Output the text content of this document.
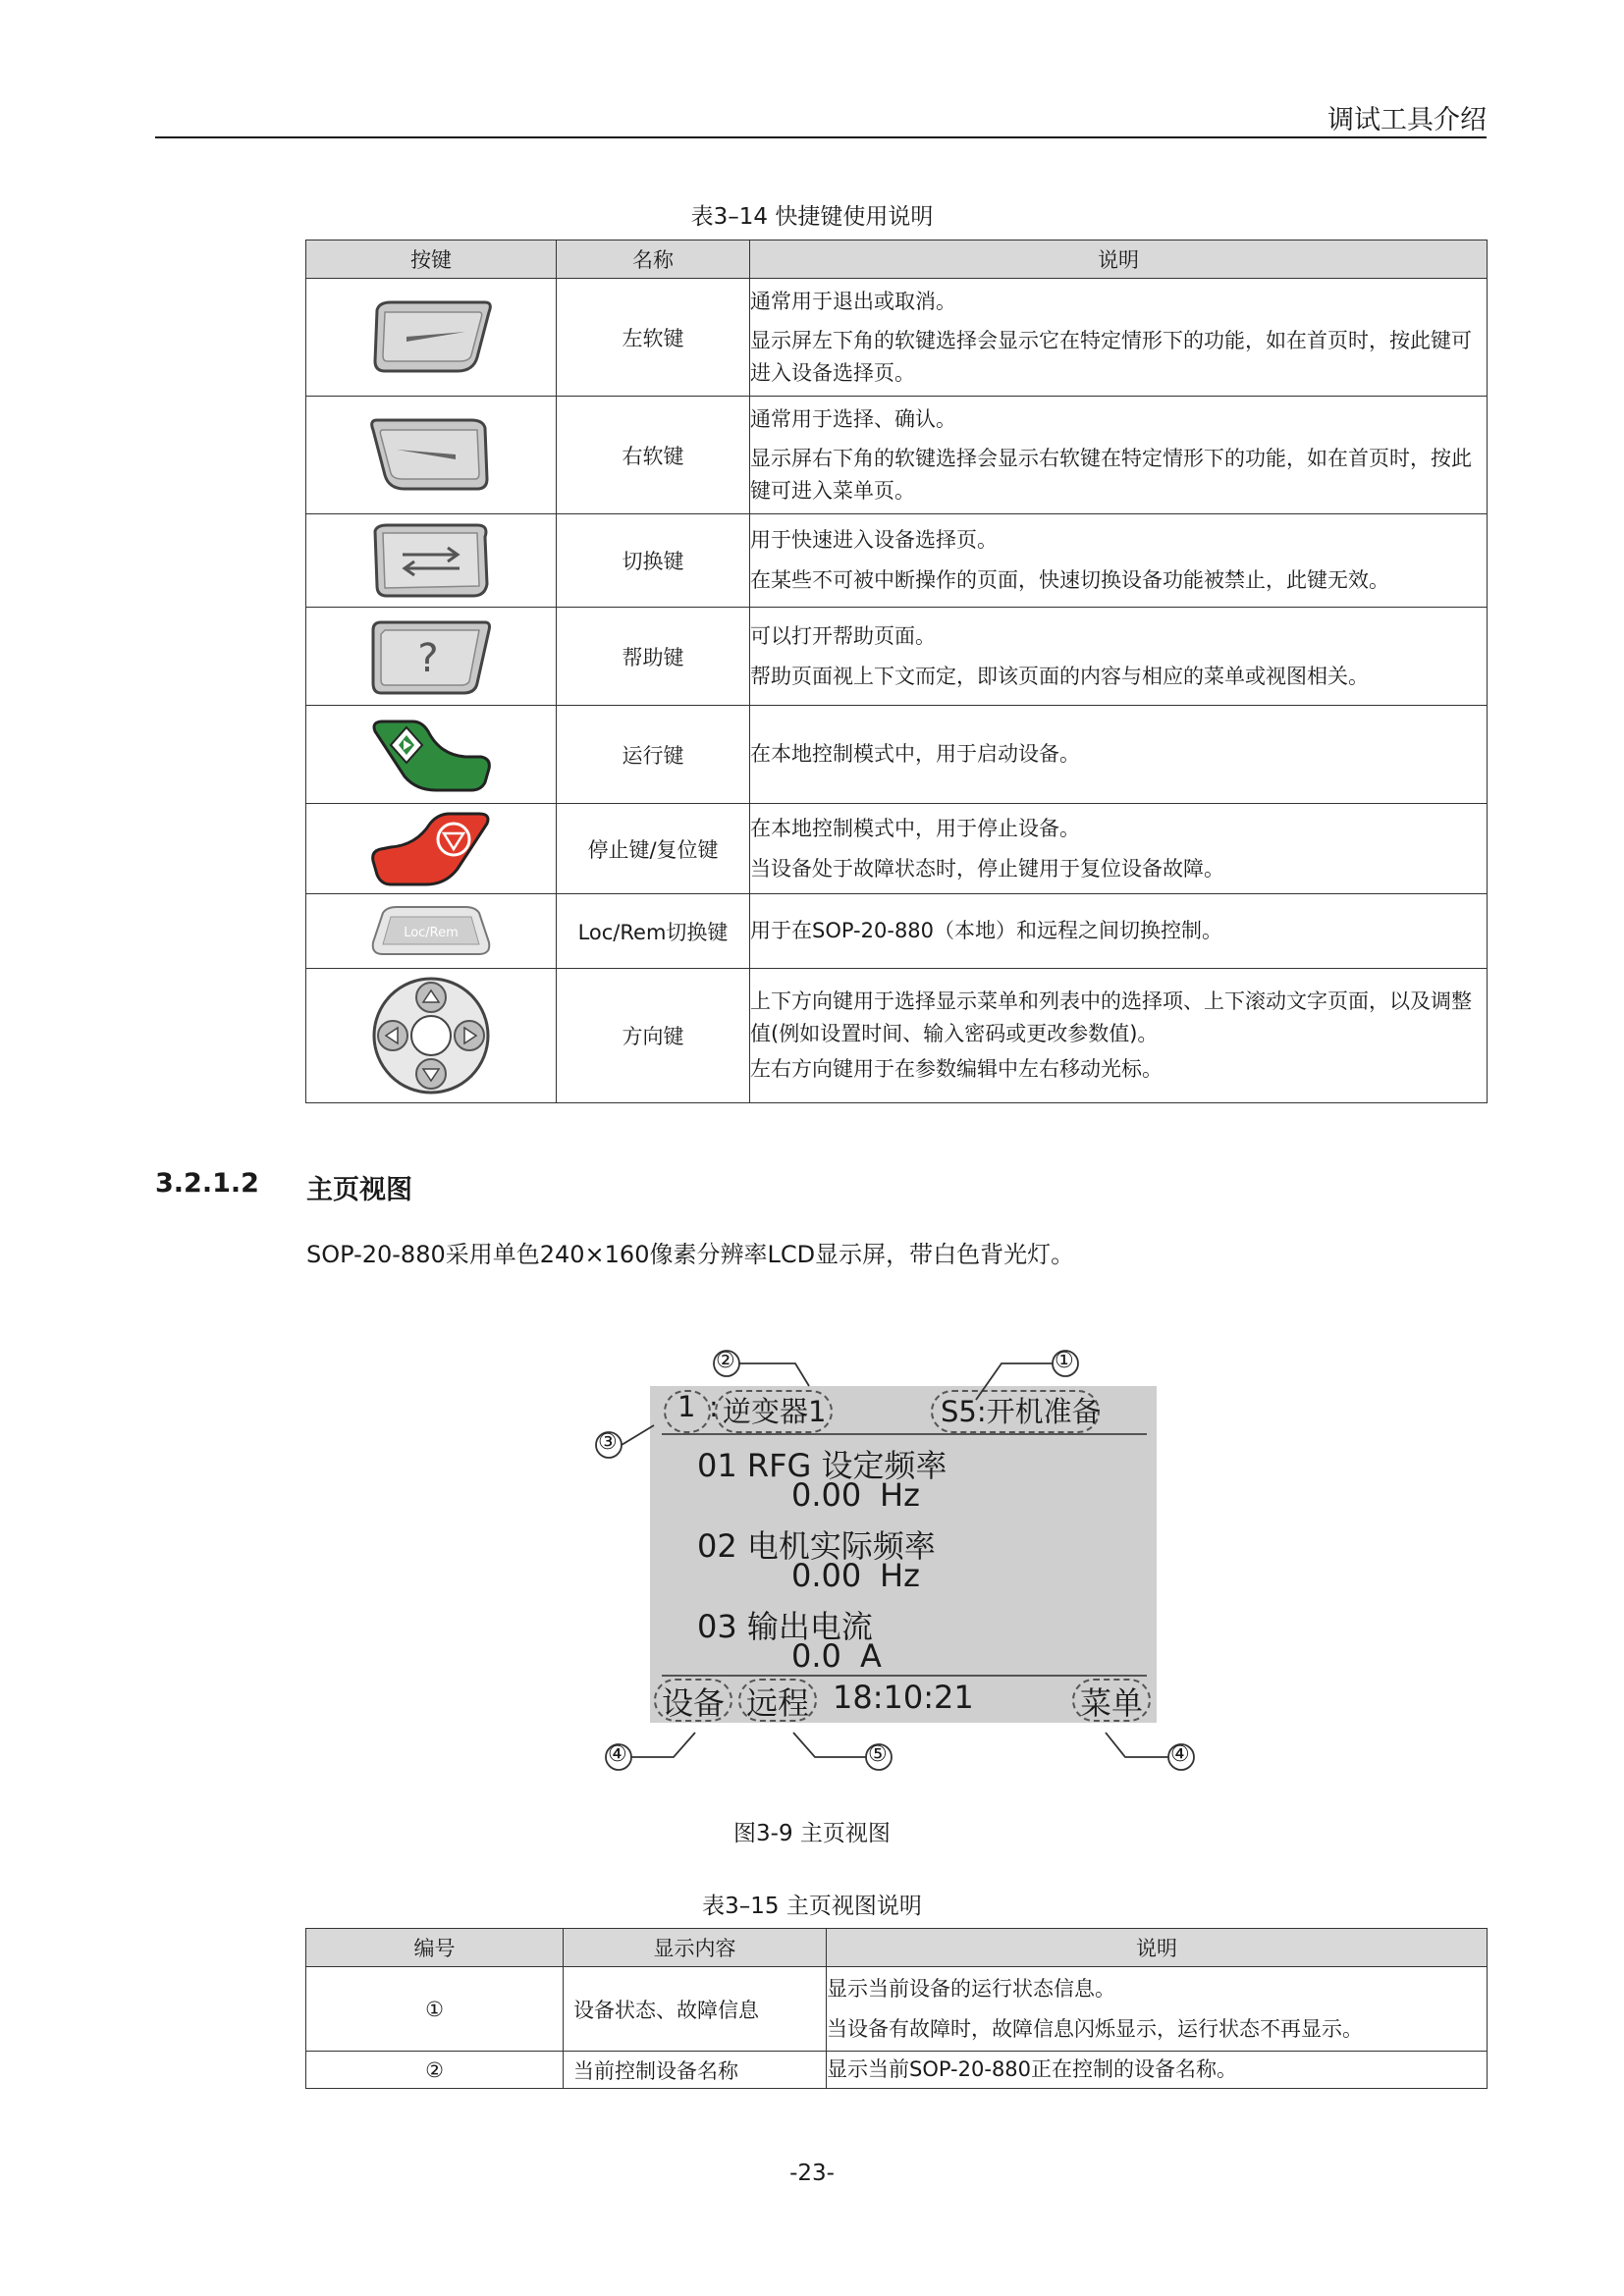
调试工具介绍
表3–14 快捷键使用说明
按键	名称	说明

	左软键	通常用于退出或取消。

显示屏左下角的软键选择会显示它在特定情形下的功能，如在首页时，按此键可进入设备选择页。

	右软键	通常用于选择、确认。

显示屏右下角的软键选择会显示右软键在特定情形下的功能，如在首页时，按此键可进入菜单页。

	切换键	用于快速进入设备选择页。

在某些不可被中断操作的页面，快速切换设备功能被禁止，此键无效。

?	帮助键	可以打开帮助页面。

帮助页面视上下文而定，即该页面的内容与相应的菜单或视图相关。

	运行键	在本地控制模式中，用于启动设备。

	停止键/复位键	在本地控制模式中，用于停止设备。

当设备处于故障状态时，停止键用于复位设备故障。

Loc/Rem	Loc/Rem切换键	用于在SOP-20-880（本地）和远程之间切换控制。

	方向键	上下方向键用于选择显示菜单和列表中的选择项、上下滚动文字页面，以及调整值(例如设置时间、输入密码或更改参数值)。

左右方向键用于在参数编辑中左右移动光标。

3.2.1.2 主页视图
SOP-20-880采用单色240×160像素分辨率LCD显示屏，带白色背光灯。
1 : 逆变器1	S5:开机准备
01 RFG 设定频率
0.00 Hz
02 电机实际频率
0.00 Hz
03 输出电流
0.0 A
设备 远程 18:10:21	菜单
①
②
③
④	⑤	④
图3-9 主页视图
表3–15 主页视图说明
编号	显示内容	说明
①	设备状态、故障信息	显示当前设备的运行状态信息。

当设备有故障时，故障信息闪烁显示，运行状态不再显示。

②	当前控制设备名称	显示当前SOP-20-880正在控制的设备名称。

-23-
